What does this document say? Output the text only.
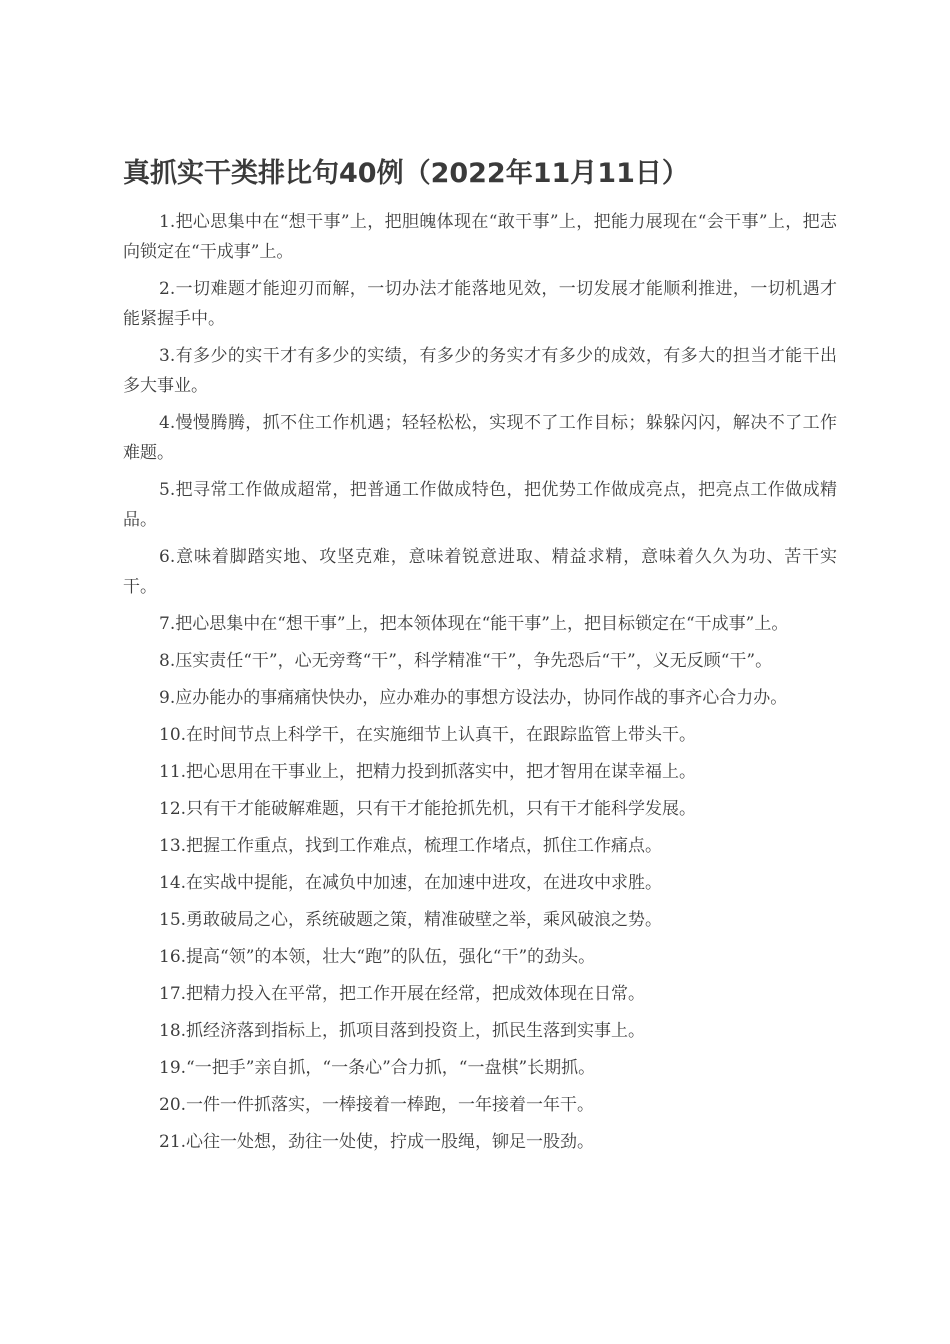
真抓实干类排比句40例（2022年11月11日）

1.把心思集中在“想干事”上，把胆魄体现在“敢干事”上，把能力展现在“会干事”上，把志向锁定在“干成事”上。

2.一切难题才能迎刃而解，一切办法才能落地见效，一切发展才能顺利推进，一切机遇才能紧握手中。

3.有多少的实干才有多少的实绩，有多少的务实才有多少的成效，有多大的担当才能干出多大事业。

4.慢慢腾腾，抓不住工作机遇；轻轻松松，实现不了工作目标；躲躲闪闪，解决不了工作难题。

5.把寻常工作做成超常，把普通工作做成特色，把优势工作做成亮点，把亮点工作做成精品。

6.意味着脚踏实地、攻坚克难，意味着锐意进取、精益求精，意味着久久为功、苦干实干。

7.把心思集中在“想干事”上，把本领体现在“能干事”上，把目标锁定在“干成事”上。

8.压实责任“干”，心无旁骛“干”，科学精准“干”，争先恐后“干”，义无反顾“干”。

9.应办能办的事痛痛快快办，应办难办的事想方设法办，协同作战的事齐心合力办。

10.在时间节点上科学干，在实施细节上认真干，在跟踪监管上带头干。

11.把心思用在干事业上，把精力投到抓落实中，把才智用在谋幸福上。

12.只有干才能破解难题，只有干才能抢抓先机，只有干才能科学发展。

13.把握工作重点，找到工作难点，梳理工作堵点，抓住工作痛点。

14.在实战中提能，在减负中加速，在加速中进攻，在进攻中求胜。

15.勇敢破局之心，系统破题之策，精准破壁之举，乘风破浪之势。

16.提高“领”的本领，壮大“跑”的队伍，强化“干”的劲头。

17.把精力投入在平常，把工作开展在经常，把成效体现在日常。

18.抓经济落到指标上，抓项目落到投资上，抓民生落到实事上。

19.“一把手”亲自抓，“一条心”合力抓，“一盘棋”长期抓。

20.一件一件抓落实，一棒接着一棒跑，一年接着一年干。

21.心往一处想，劲往一处使，拧成一股绳，铆足一股劲。
